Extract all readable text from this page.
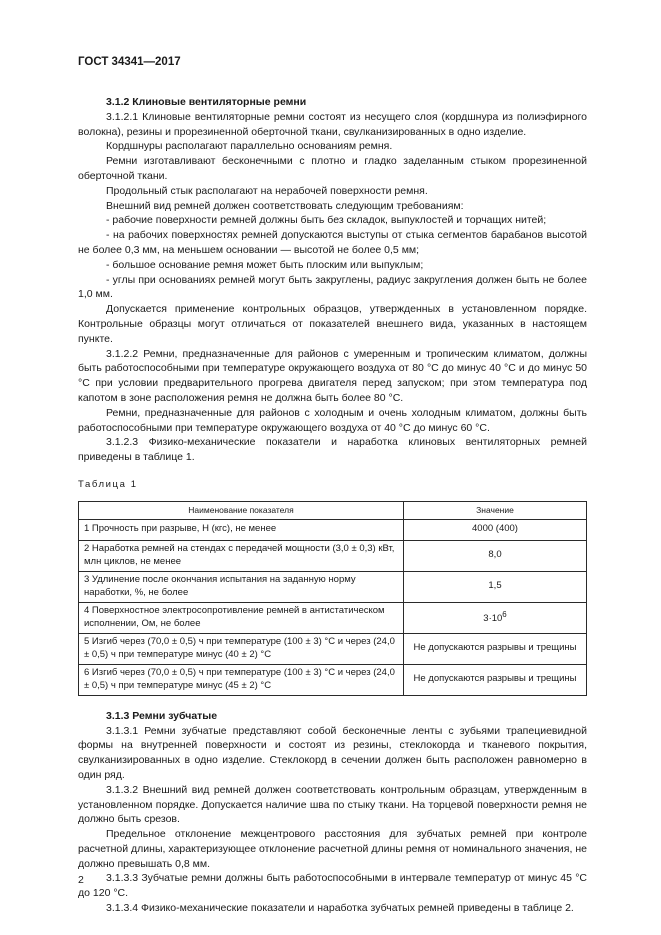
ГОСТ 34341—2017

3.1.2 Клиновые вентиляторные ремни

3.1.2.1 Клиновые вентиляторные ремни состоят из несущего слоя (кордшнура из полиэфирного волокна), резины и прорезиненной оберточной ткани, свулканизированных в одно изделие.

Кордшнуры располагают параллельно основаниям ремня.

Ремни изготавливают бесконечными с плотно и гладко заделанным стыком прорезиненной оберточной ткани.

Продольный стык располагают на нерабочей поверхности ремня.

Внешний вид ремней должен соответствовать следующим требованиям:

- рабочие поверхности ремней должны быть без складок, выпуклостей и торчащих нитей;

- на рабочих поверхностях ремней допускаются выступы от стыка сегментов барабанов высотой не более 0,3 мм, на меньшем основании — высотой не более 0,5 мм;

- большое основание ремня может быть плоским или выпуклым;

- углы при основаниях ремней могут быть закруглены, радиус закругления должен быть не более 1,0 мм.

Допускается применение контрольных образцов, утвержденных в установленном порядке. Контрольные образцы могут отличаться от показателей внешнего вида, указанных в настоящем пункте.

3.1.2.2 Ремни, предназначенные для районов с умеренным и тропическим климатом, должны быть работоспособными при температуре окружающего воздуха от 80 °С до минус 40 °С и до минус 50 °С при условии предварительного прогрева двигателя перед запуском; при этом температура под капотом в зоне расположения ремня не должна быть более 80 °С.

Ремни, предназначенные для районов с холодным и очень холодным климатом, должны быть работоспособными при температуре окружающего воздуха от 40 °С до минус 60 °С.

3.1.2.3 Физико-механические показатели и наработка клиновых вентиляторных ремней приведены в таблице 1.

Таблица 1

Наименование показателя	Значение
1 Прочность при разрыве, Н (кгс), не менее	4000 (400)
2 Наработка ремней на стендах с передачей мощности (3,0 ± 0,3) кВт, млн циклов, не менее	8,0
3 Удлинение после окончания испытания на заданную норму наработки, %, не более	1,5
4 Поверхностное электросопротивление ремней в антистатическом исполнении, Ом, не более	$3\cdot 10^6$
5 Изгиб через (70,0 ± 0,5) ч при температуре (100 ± 3) °С и через (24,0 ± 0,5) ч при температуре минус (40 ± 2) °С	Не допускаются разрывы и трещины
6 Изгиб через (70,0 ± 0,5) ч при температуре (100 ± 3) °С и через (24,0 ± 0,5) ч при температуре минус (45 ± 2) °С	Не допускаются разрывы и трещины

3.1.3 Ремни зубчатые

3.1.3.1 Ремни зубчатые представляют собой бесконечные ленты с зубьями трапециевидной формы на внутренней поверхности и состоят из резины, стеклокорда и тканевого покрытия, свулканизированных в одно изделие. Стеклокорд в сечении должен быть расположен равномерно в один ряд.

3.1.3.2 Внешний вид ремней должен соответствовать контрольным образцам, утвержденным в установленном порядке. Допускается наличие шва по стыку ткани. На торцевой поверхности ремня не должно быть срезов.

Предельное отклонение межцентрового расстояния для зубчатых ремней при контроле расчетной длины, характеризующее отклонение расчетной длины ремня от номинального значения, не должно превышать 0,8 мм.

3.1.3.3 Зубчатые ремни должны быть работоспособными в интервале температур от минус 45 °С до 120 °С.

3.1.3.4 Физико-механические показатели и наработка зубчатых ремней приведены в таблице 2.

2
